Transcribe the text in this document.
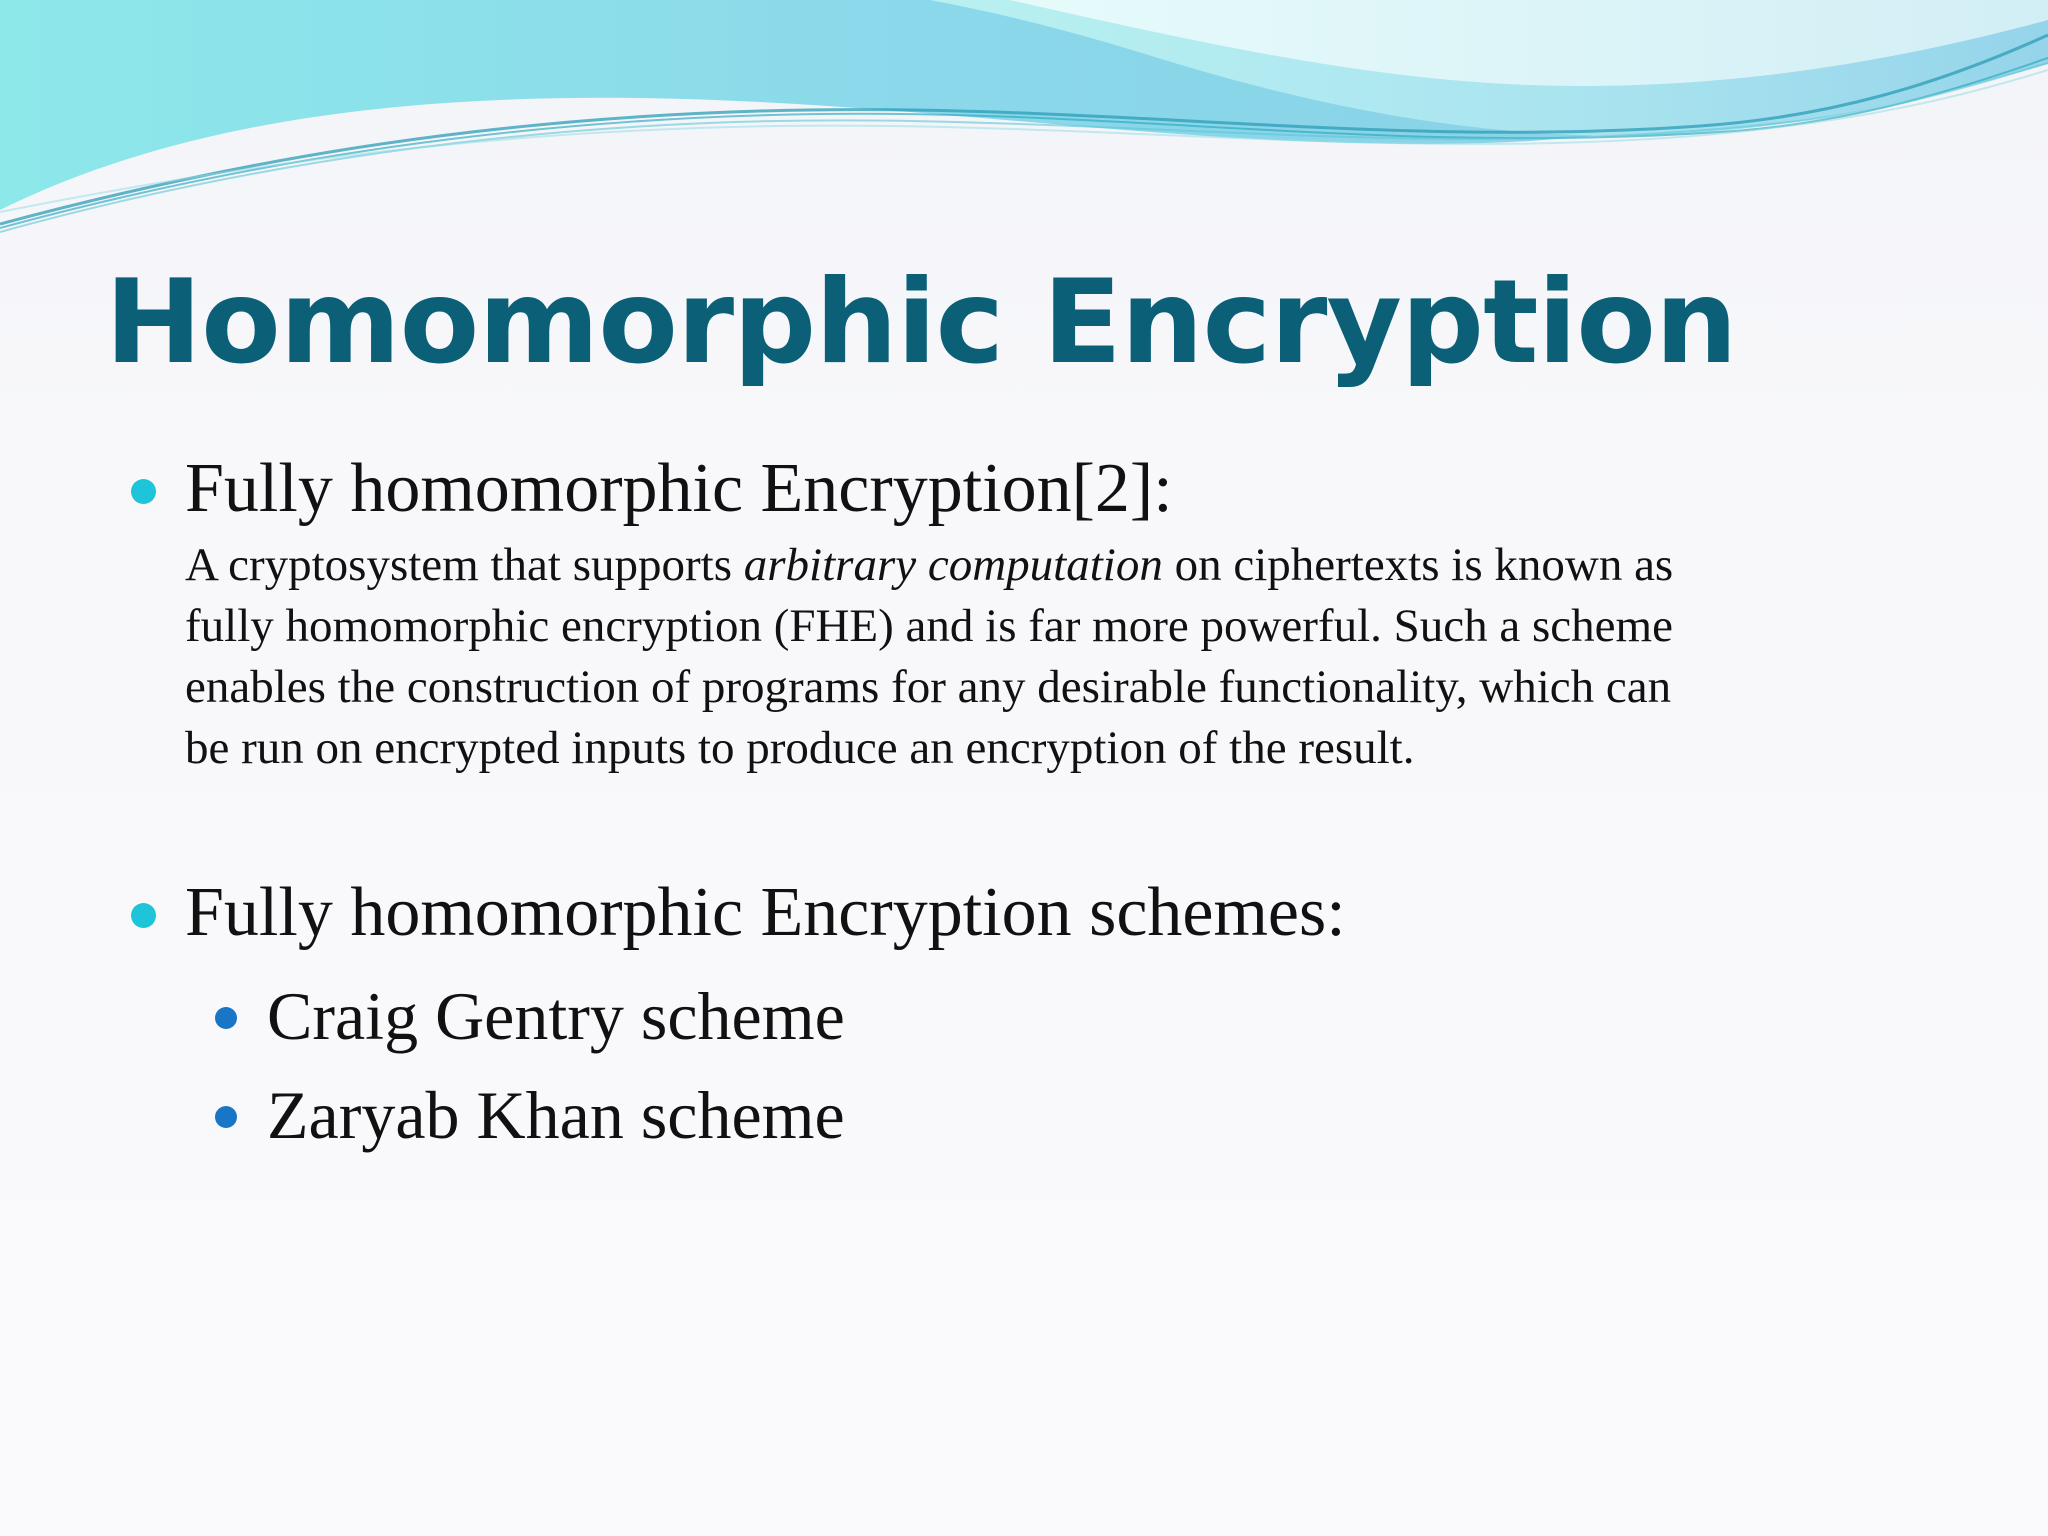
Homomorphic Encryption
Fully homomorphic Encryption[2]:
A cryptosystem that supports arbitrary computation on ciphertexts is known as
fully homomorphic encryption (FHE) and is far more powerful. Such a scheme
enables the construction of programs for any desirable functionality, which can
be run on encrypted inputs to produce an encryption of the result.
Fully homomorphic Encryption schemes:
Craig Gentry scheme
Zaryab Khan scheme
